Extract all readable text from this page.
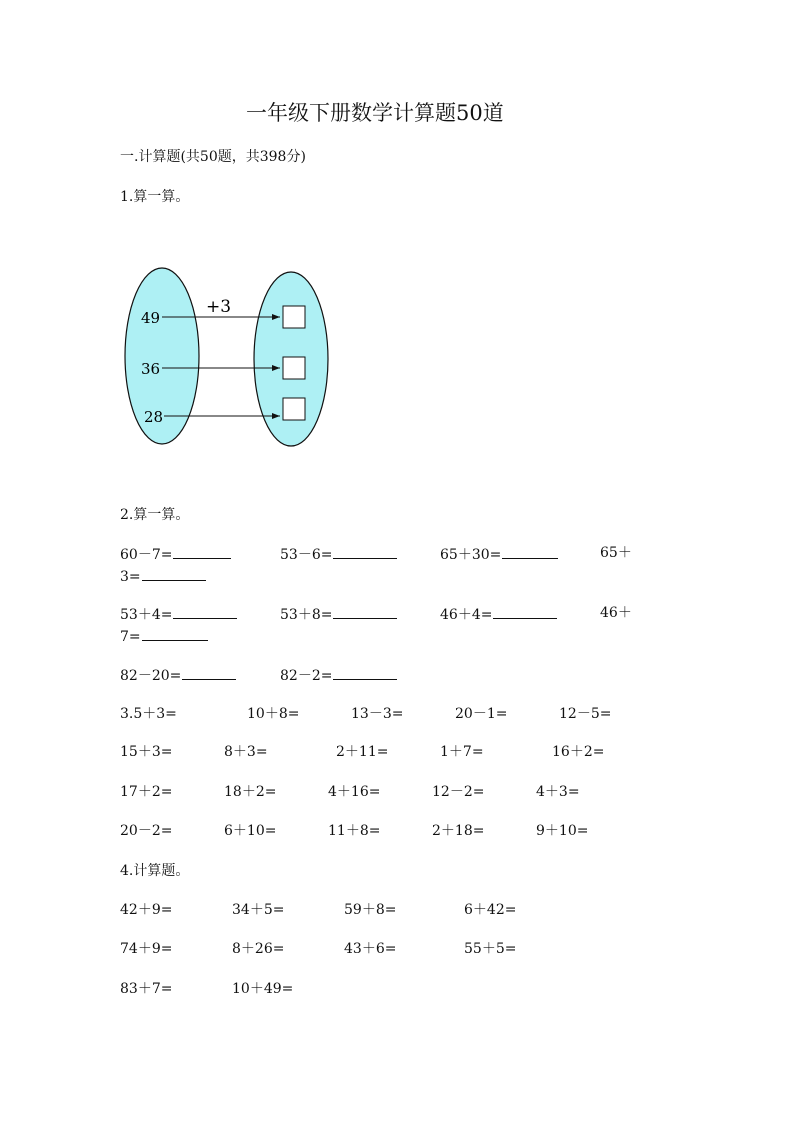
一年级下册数学计算题50道
一.计算题(共50题，共398分)
1.算一算。
+3
49
36
28
2.算一算。
60－7=	53－6=	65＋30=	65＋
3=
53＋4=	53＋8=	46＋4=	46＋
7=
82－20=	82－2=
3.5＋3=	10＋8=	13－3=	20－1=	12－5=
15＋3=	8＋3=	2＋11=	1＋7=	16＋2=
17＋2=	18＋2=	4＋16=	12－2=	4＋3=
20－2=	6＋10=	11＋8=	2＋18=	9＋10=
4.计算题。
42＋9=	34＋5=	59＋8=	6＋42=
74＋9=	8＋26=	43＋6=	55＋5=
83＋7=	10＋49=
